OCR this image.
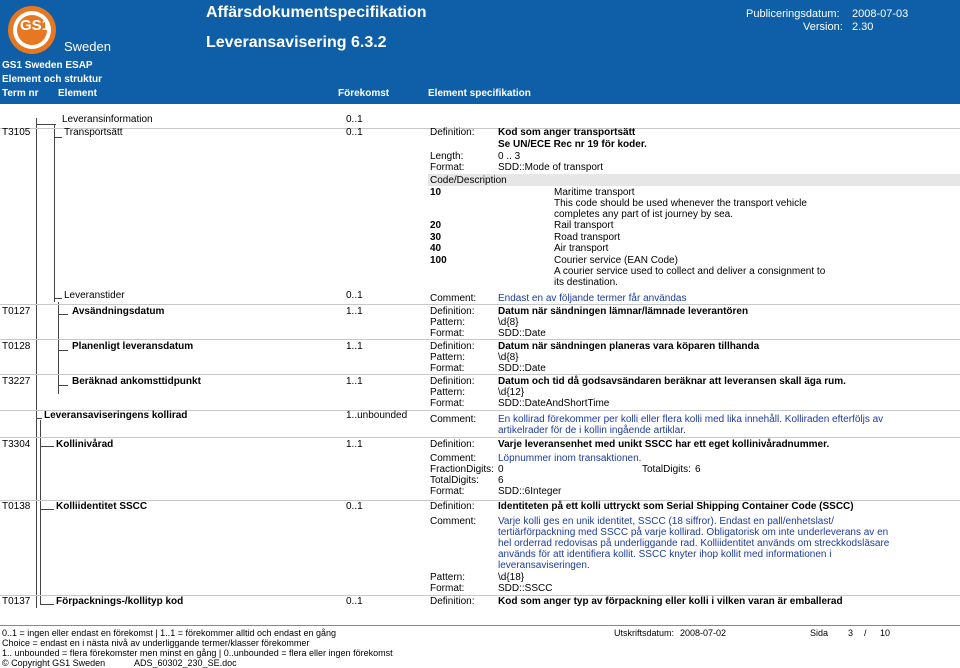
GS1
Sweden
GS1 Sweden ESAP
Element och struktur
Affärsdokumentspecifikation
Leveransavisering 6.3.2
Publiceringsdatum: 2008-07-03
Version: 2.30
Term nr Element	Förekomst	Element specifikation
Leveransinformation	0..1
T3105	Transportsätt	0..1	Definition: Kod som anger transportsätt
Se UN/ECE Rec nr 19 för koder.
Length:	0 .. 3
Format:	SDD::Mode of transport
Code/Description
10	Maritime transport
This code should be used whenever the transport vehicle
completes any part of ist journey by sea.
20	Rail transport
30	Road transport
40	Air transport
100	Courier service (EAN Code)
A courier service used to collect and deliver a consignment to
its destination.
Leveranstider	0..1	Comment: Endast en av följande termer får användas
T0127	Avsändningsdatum	1..1	Definition: Datum när sändningen lämnar/lämnade leverantören
Pattern:	\d{8}
Format:	SDD::Date
T0128	Planenligt leveransdatum	1..1	Definition: Datum när sändningen planeras vara köparen tillhanda
Pattern:	\d{8}
Format:	SDD::Date
T3227	Beräknad ankomsttidpunkt	1..1	Definition: Datum och tid då godsavsändaren beräknar att leveransen skall äga rum.
Pattern:	\d{12}
Format:	SDD::DateAndShortTime
Leveransaviseringens kollirad	1..unbounded Comment: En kollirad förekommer per kolli eller flera kolli med lika innehåll. Kolliraden efterföljs av
artikelrader för de i kollin ingående artiklar.
T3304	Kollinivårad	1..1	Definition: Varje leveransenhet med unikt SSCC har ett eget kollinivåradnummer.
Comment: Löpnummer inom transaktionen.
FractionDigits: 0	TotalDigits: 6
TotalDigits: 6
Format:	SDD::6Integer
T0138	Kolliidentitet SSCC	0..1	Definition: Identiteten på ett kolli uttryckt som Serial Shipping Container Code (SSCC)
Comment: Varje kolli ges en unik identitet, SSCC (18 siffror). Endast en pall/enhetslast/
tertiärförpackning med SSCC på varje kollirad. Obligatorisk om inte underleverans av en
hel orderrad redovisas på underliggande rad. Kolliidentitet används om streckkodsläsare
används för att identifiera kollit. SSCC knyter ihop kollit med informationen i
leveransaviseringen.
Pattern:	\d{18}
Format:	SDD::SSCC
T0137	Förpacknings-/kollityp kod	0..1	Definition: Kod som anger typ av förpackning eller kolli i vilken varan är emballerad
0..1 = ingen eller endast en förekomst | 1..1 = förekommer alltid och endast en gång
Choice = endast en i nästa nivå av underliggande termer/klasser förekommer
1.. unbounded = flera förekomster men minst en gång | 0..unbounded = flera eller ingen förekomst
© Copyright GS1 Sweden	ADS_60302_230_SE.doc
Utskriftsdatum: 2008-07-02	Sida 3 / 10
